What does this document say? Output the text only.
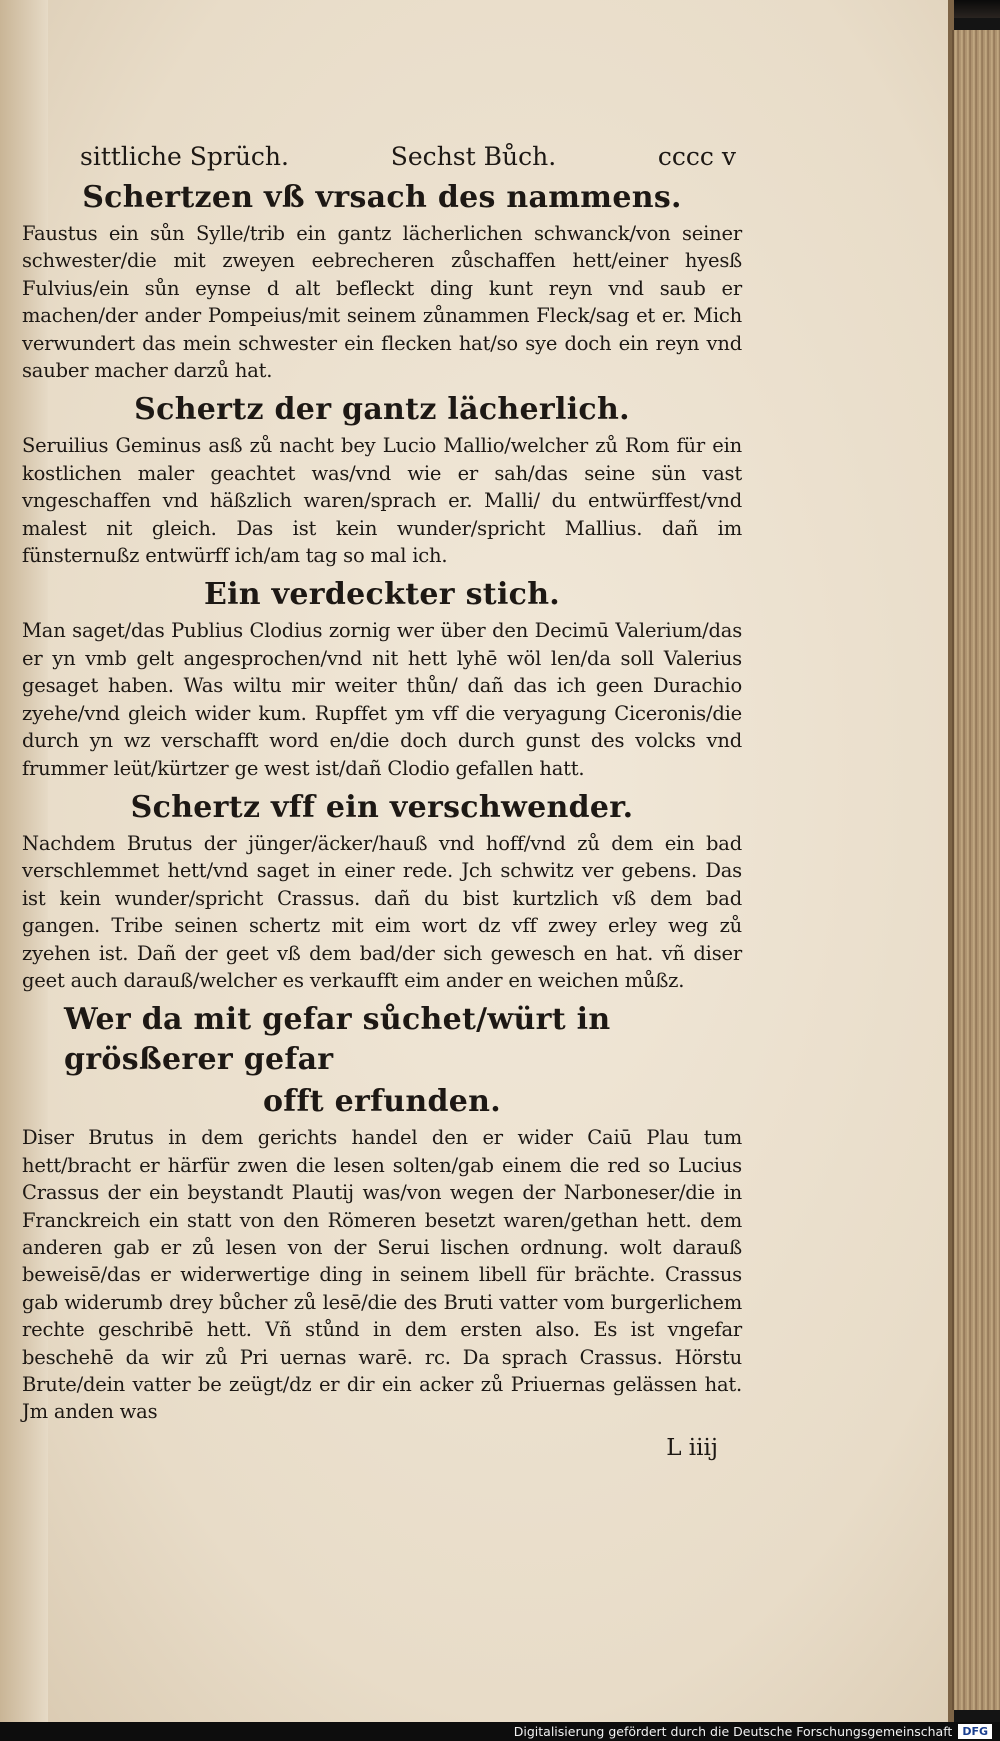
sittliche Sprüch.	Sechst Bůch.	cccc v
Schertzen vß vrsach des nammens.

Faustus ein sůn Sylle/trib ein gantz lächerlichen schwanck/von seiner schwester/die mit zweyen eebrecheren zůschaffen hett/einer hyesß Fulvius/ein sůn eynse d alt befleckt ding kunt reyn vnd saub er machen/der ander Pompeius/mit seinem zůnammen Fleck/sag et er. Mich verwundert das mein schwester ein flecken hat/so sye doch ein reyn vnd sauber macher darzů hat.

Schertz der gantz lächerlich.

Seruilius Geminus asß zů nacht bey Lucio Mallio/welcher zů Rom für ein kostlichen maler geachtet was/vnd wie er sah/das seine sün vast vngeschaffen vnd häßzlich waren/sprach er. Malli/ du entwürffest/vnd malest nit gleich. Das ist kein wunder/spricht Mallius. dañ im fünsternußz entwürff ich/am tag so mal ich.

Ein verdeckter stich.

Man saget/das Publius Clodius zornig wer über den Decimū Valerium/das er yn vmb gelt angesprochen/vnd nit hett lyhē wöl len/da soll Valerius gesaget haben. Was wiltu mir weiter thůn/ dañ das ich geen Durachio zyehe/vnd gleich wider kum. Rupffet ym vff die veryagung Ciceronis/die durch yn wz verschafft word en/die doch durch gunst des volcks vnd frummer leüt/kürtzer ge west ist/dañ Clodio gefallen hatt.

Schertz vff ein verschwender.

Nachdem Brutus der jünger/äcker/hauß vnd hoff/vnd zů dem ein bad verschlemmet hett/vnd saget in einer rede. Jch schwitz ver gebens. Das ist kein wunder/spricht Crassus. dañ du bist kurtzlich vß dem bad gangen. Tribe seinen schertz mit eim wort dz vff zwey erley weg zů zyehen ist. Dañ der geet vß dem bad/der sich gewesch en hat. vñ diser geet auch darauß/welcher es verkaufft eim ander en weichen můßz.

Wer da mit gefar sůchet/würt in grösßerer gefar
offt erfunden.

Diser Brutus in dem gerichts handel den er wider Caiū Plau tum hett/bracht er härfür zwen die lesen solten/gab einem die red so Lucius Crassus der ein beystandt Plautij was/von wegen der Narboneser/die in Franckreich ein statt von den Römeren besetzt waren/gethan hett. dem anderen gab er zů lesen von der Serui lischen ordnung. wolt darauß beweisē/das er widerwertige ding in seinem libell für brächte. Crassus gab widerumb drey bůcher zů lesē/die des Bruti vatter vom burgerlichem rechte geschribē hett. Vñ stůnd in dem ersten also. Es ist vngefar beschehē da wir zů Pri uernas warē. rc. Da sprach Crassus. Hörstu Brute/dein vatter be zeügt/dz er dir ein acker zů Priuernas gelässen hat. Jm anden was

L iiij
Digitalisierung gefördert durch die Deutsche Forschungsgemeinschaft DFG
